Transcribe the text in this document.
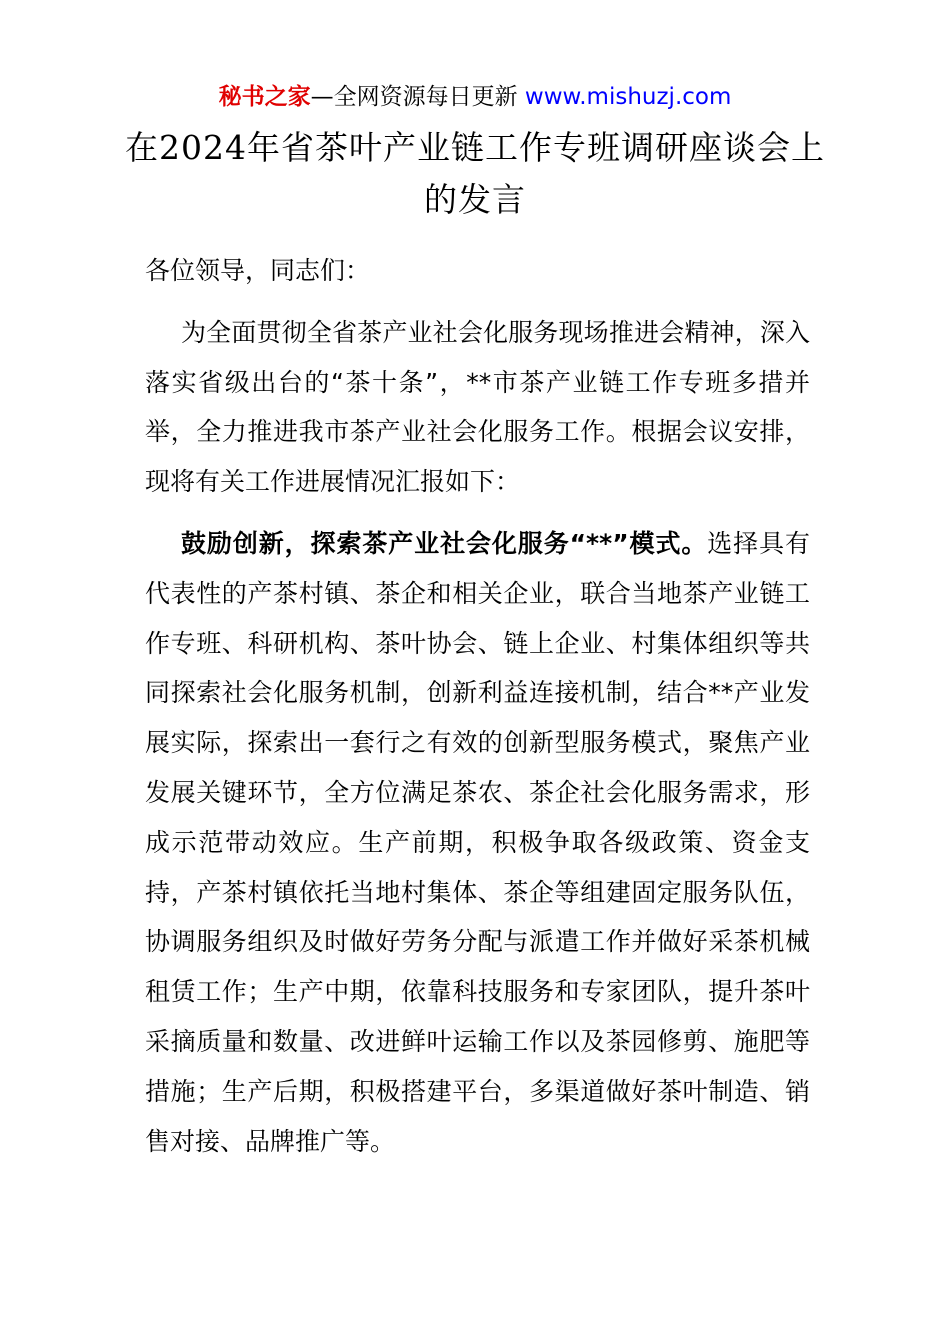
秘书之家—全网资源每日更新 www.mishuzj.com
在2024年省茶叶产业链工作专班调研座谈会上的发言

各位领导，同志们：

为全面贯彻全省茶产业社会化服务现场推进会精神，深入落实省级出台的“茶十条”，**市茶产业链工作专班多措并举，全力推进我市茶产业社会化服务工作。根据会议安排，现将有关工作进展情况汇报如下：

鼓励创新，探索茶产业社会化服务“**”模式。选择具有代表性的产茶村镇、茶企和相关企业，联合当地茶产业链工作专班、科研机构、茶叶协会、链上企业、村集体组织等共同探索社会化服务机制，创新利益连接机制，结合**产业发展实际，探索出一套行之有效的创新型服务模式，聚焦产业发展关键环节，全方位满足茶农、茶企社会化服务需求，形成示范带动效应。生产前期，积极争取各级政策、资金支持，产茶村镇依托当地村集体、茶企等组建固定服务队伍，协调服务组织及时做好劳务分配与派遣工作并做好采茶机械租赁工作；生产中期，依靠科技服务和专家团队，提升茶叶采摘质量和数量、改进鲜叶运输工作以及茶园修剪、施肥等措施；生产后期，积极搭建平台，多渠道做好茶叶制造、销售对接、品牌推广等。
